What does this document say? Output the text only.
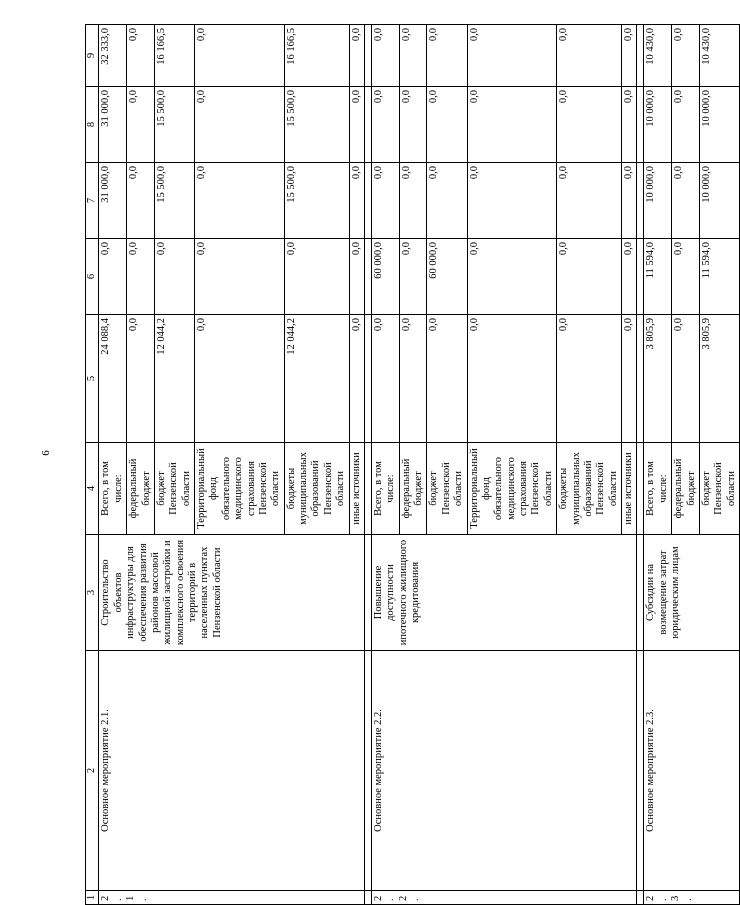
6
1	2	3	4	5	6	7	8	9
2.1.	Основное мероприятие 2.1.	Строительство объектов инфраструктуры для обеспечения развития районов массовой жилищной застройки и комплексного освоения территорий в населенных пунктах Пензенской области	Всего, в том числе:	24 088,4	0,0	31 000,0	31 000,0	32 333,0
			федеральный бюджет	0,0	0,0	0,0	0,0	0,0
			бюджет Пензенской области	12 044,2	0,0	15 500,0	15 500,0	16 166,5
			Территориальный фонд обязательного медицинского страхования Пензенской области	0,0	0,0	0,0	0,0	0,0
			бюджеты муниципальных образований Пензенской области	12 044,2	0,0	15 500,0	15 500,0	16 166,5
			иные источники	0,0	0,0	0,0	0,0	0,0

2.2.	Основное мероприятие 2.2.	Повышение доступности ипотечного жилищного кредитования	Всего, в том числе:	0,0	60 000,0	0,0	0,0	0,0
			федеральный бюджет	0,0	0,0	0,0	0,0	0,0
			бюджет Пензенской области	0,0	60 000,0	0,0	0,0	0,0
			Территориальный фонд обязательного медицинского страхования Пензенской области	0,0	0,0	0,0	0,0	0,0
			бюджеты муниципальных образований Пензенской области	0,0	0,0	0,0	0,0	0,0
			иные источники	0,0	0,0	0,0	0,0	0,0

2.3.	Основное мероприятие 2.3.	Субсидии на возмещение затрат юридическим лицам	Всего, в том числе:	3 805,9	11 594,0	10 000,0	10 000,0	10 430,0
			федеральный бюджет	0,0	0,0	0,0	0,0	0,0
			бюджет Пензенской области	3 805,9	11 594,0	10 000,0	10 000,0	10 430,0
